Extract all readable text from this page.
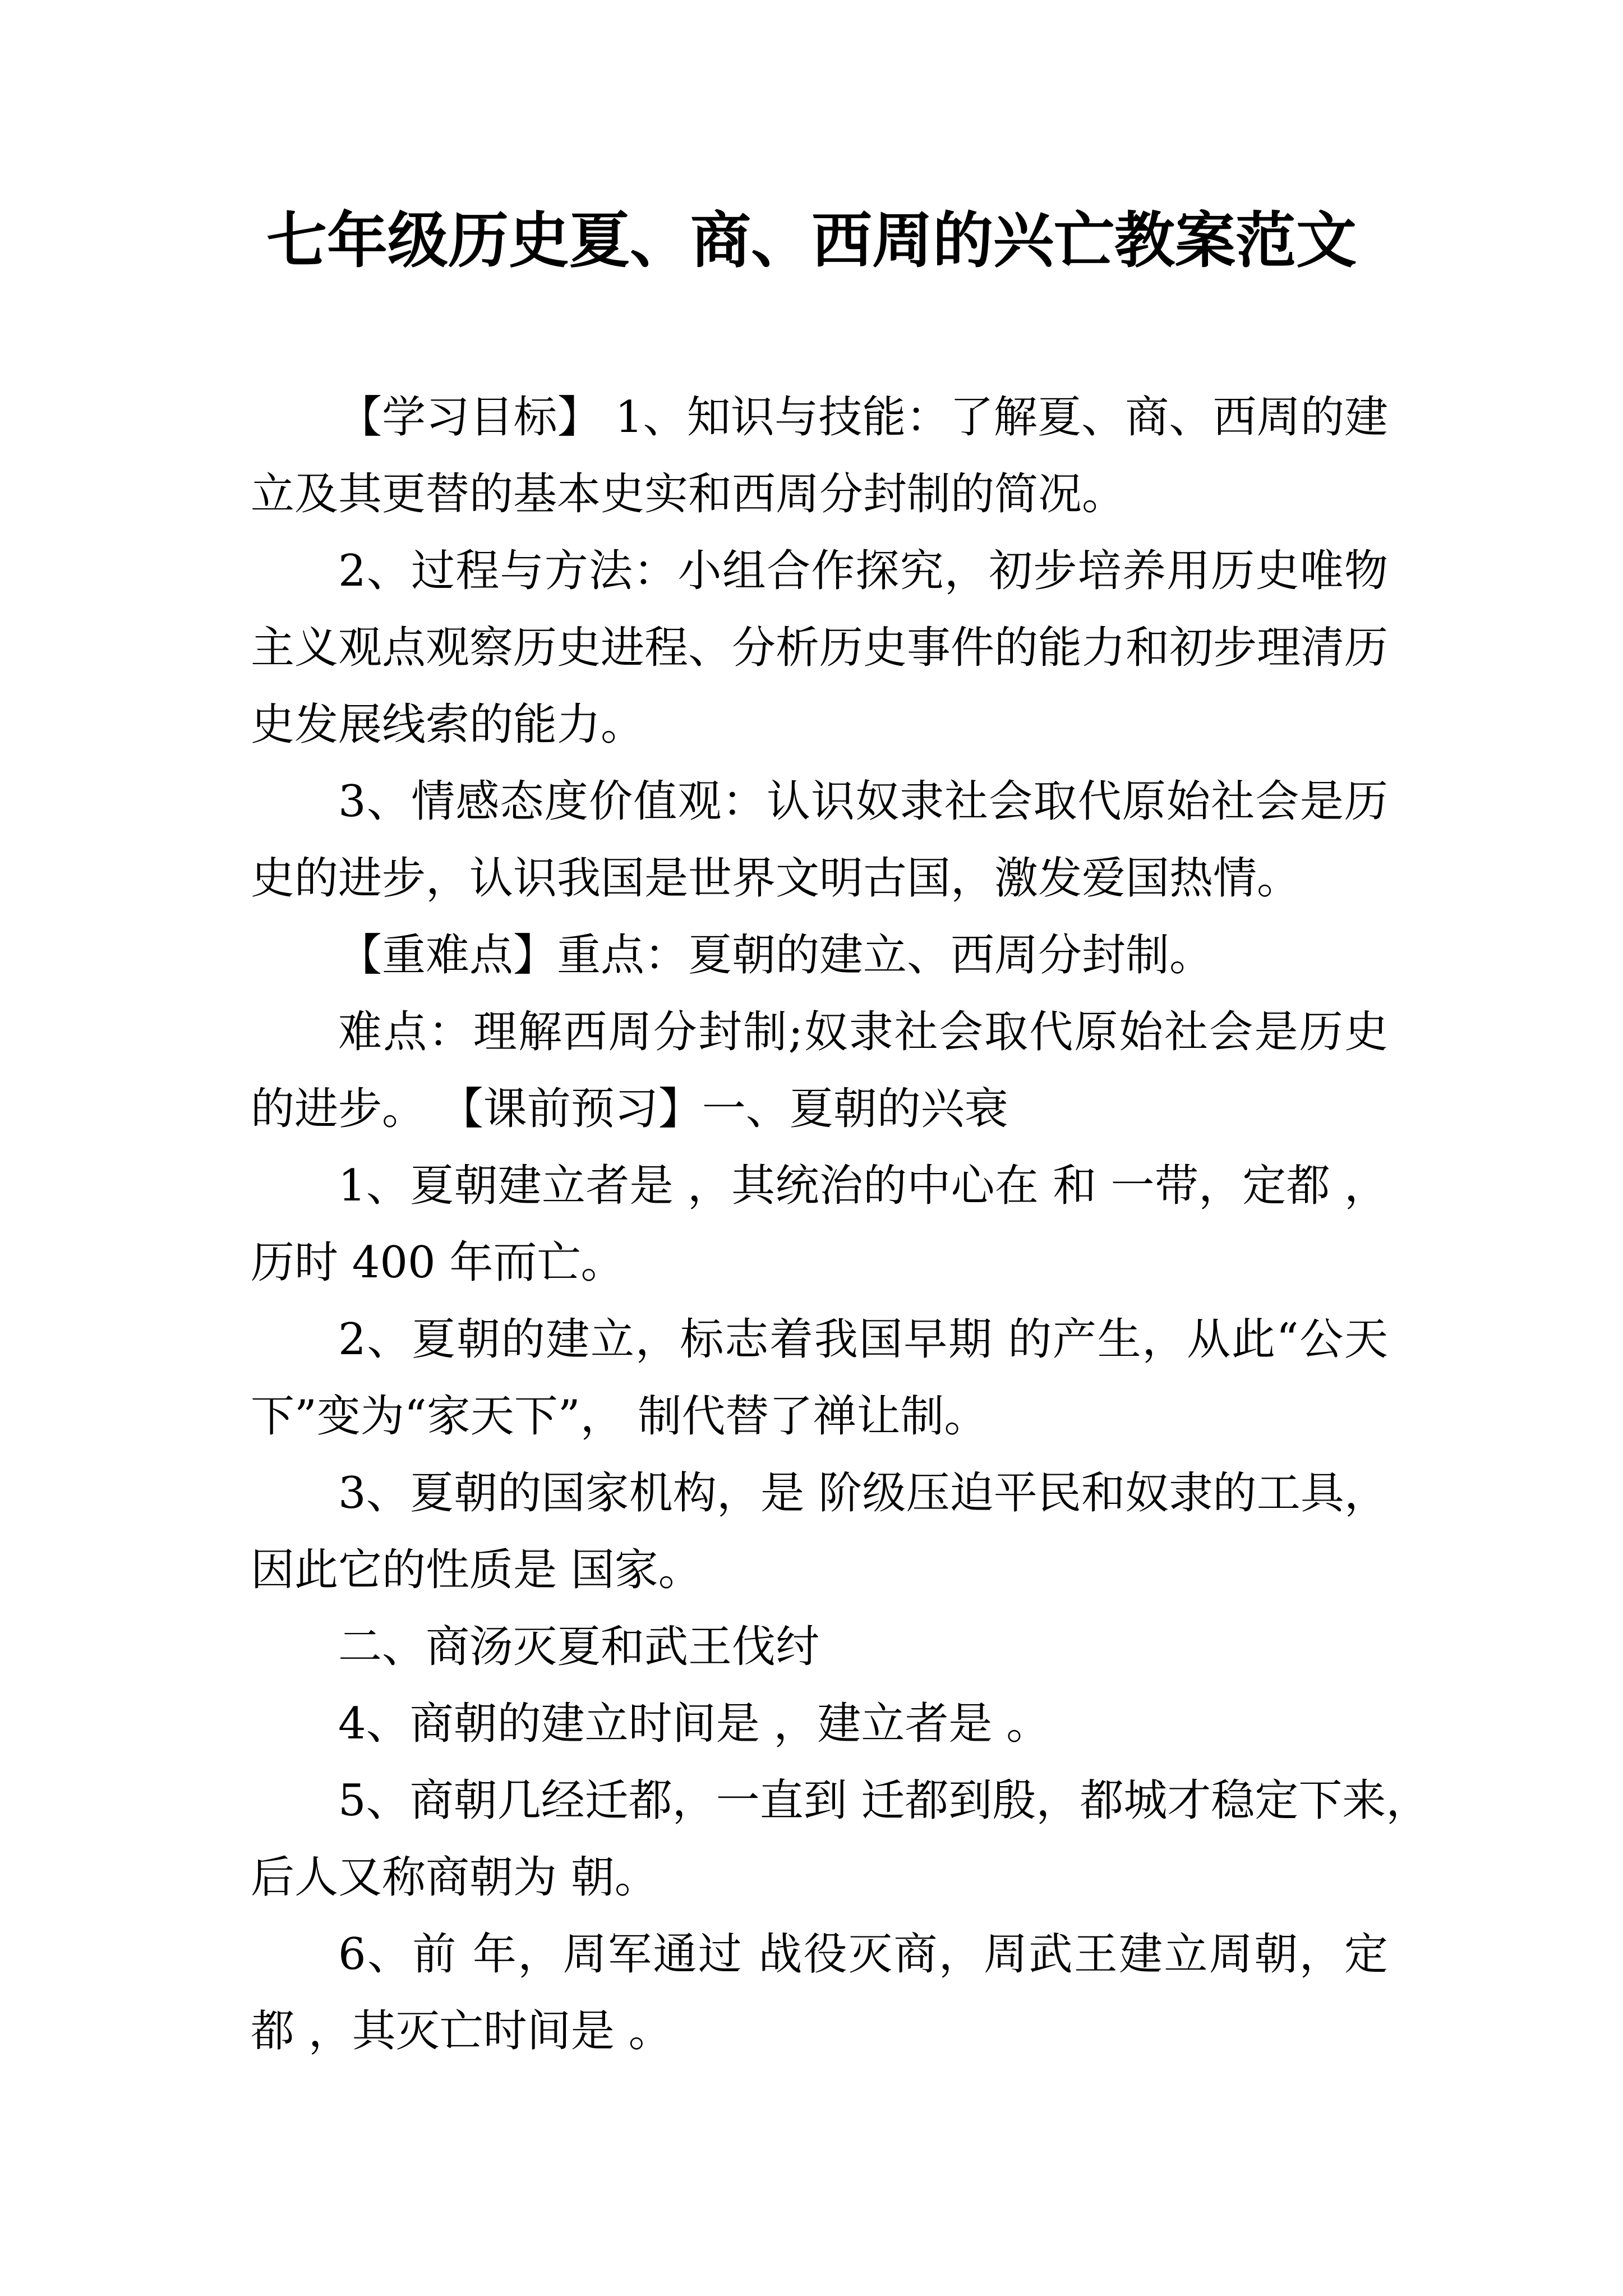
七年级历史夏、商、西周的兴亡教案范文
【学习目标】 1、知识与技能：了解夏、商、西周的建
立及其更替的基本史实和西周分封制的简况。
2、过程与方法：小组合作探究，初步培养用历史唯物
主义观点观察历史进程、分析历史事件的能力和初步理清历
史发展线索的能力。
3、情感态度价值观：认识奴隶社会取代原始社会是历
史的进步，认识我国是世界文明古国，激发爱国热情。
【重难点】重点：夏朝的建立、西周分封制。
难点：理解西周分封制;奴隶社会取代原始社会是历史
的进步。 【课前预习】一、夏朝的兴衰
1、夏朝建立者是 ，其统治的中心在 和 一带，定都 ，
历时 400 年而亡。
2、夏朝的建立，标志着我国早期 的产生，从此“公天
下”变为“家天下”， 制代替了禅让制。
3、夏朝的国家机构，是 阶级压迫平民和奴隶的工具，
因此它的性质是 国家。
二、商汤灭夏和武王伐纣
4、商朝的建立时间是 ，建立者是 。
5、商朝几经迁都，一直到 迁都到殷，都城才稳定下来，
后人又称商朝为 朝。
6、前 年，周军通过 战役灭商，周武王建立周朝，定
都 ，其灭亡时间是 。
